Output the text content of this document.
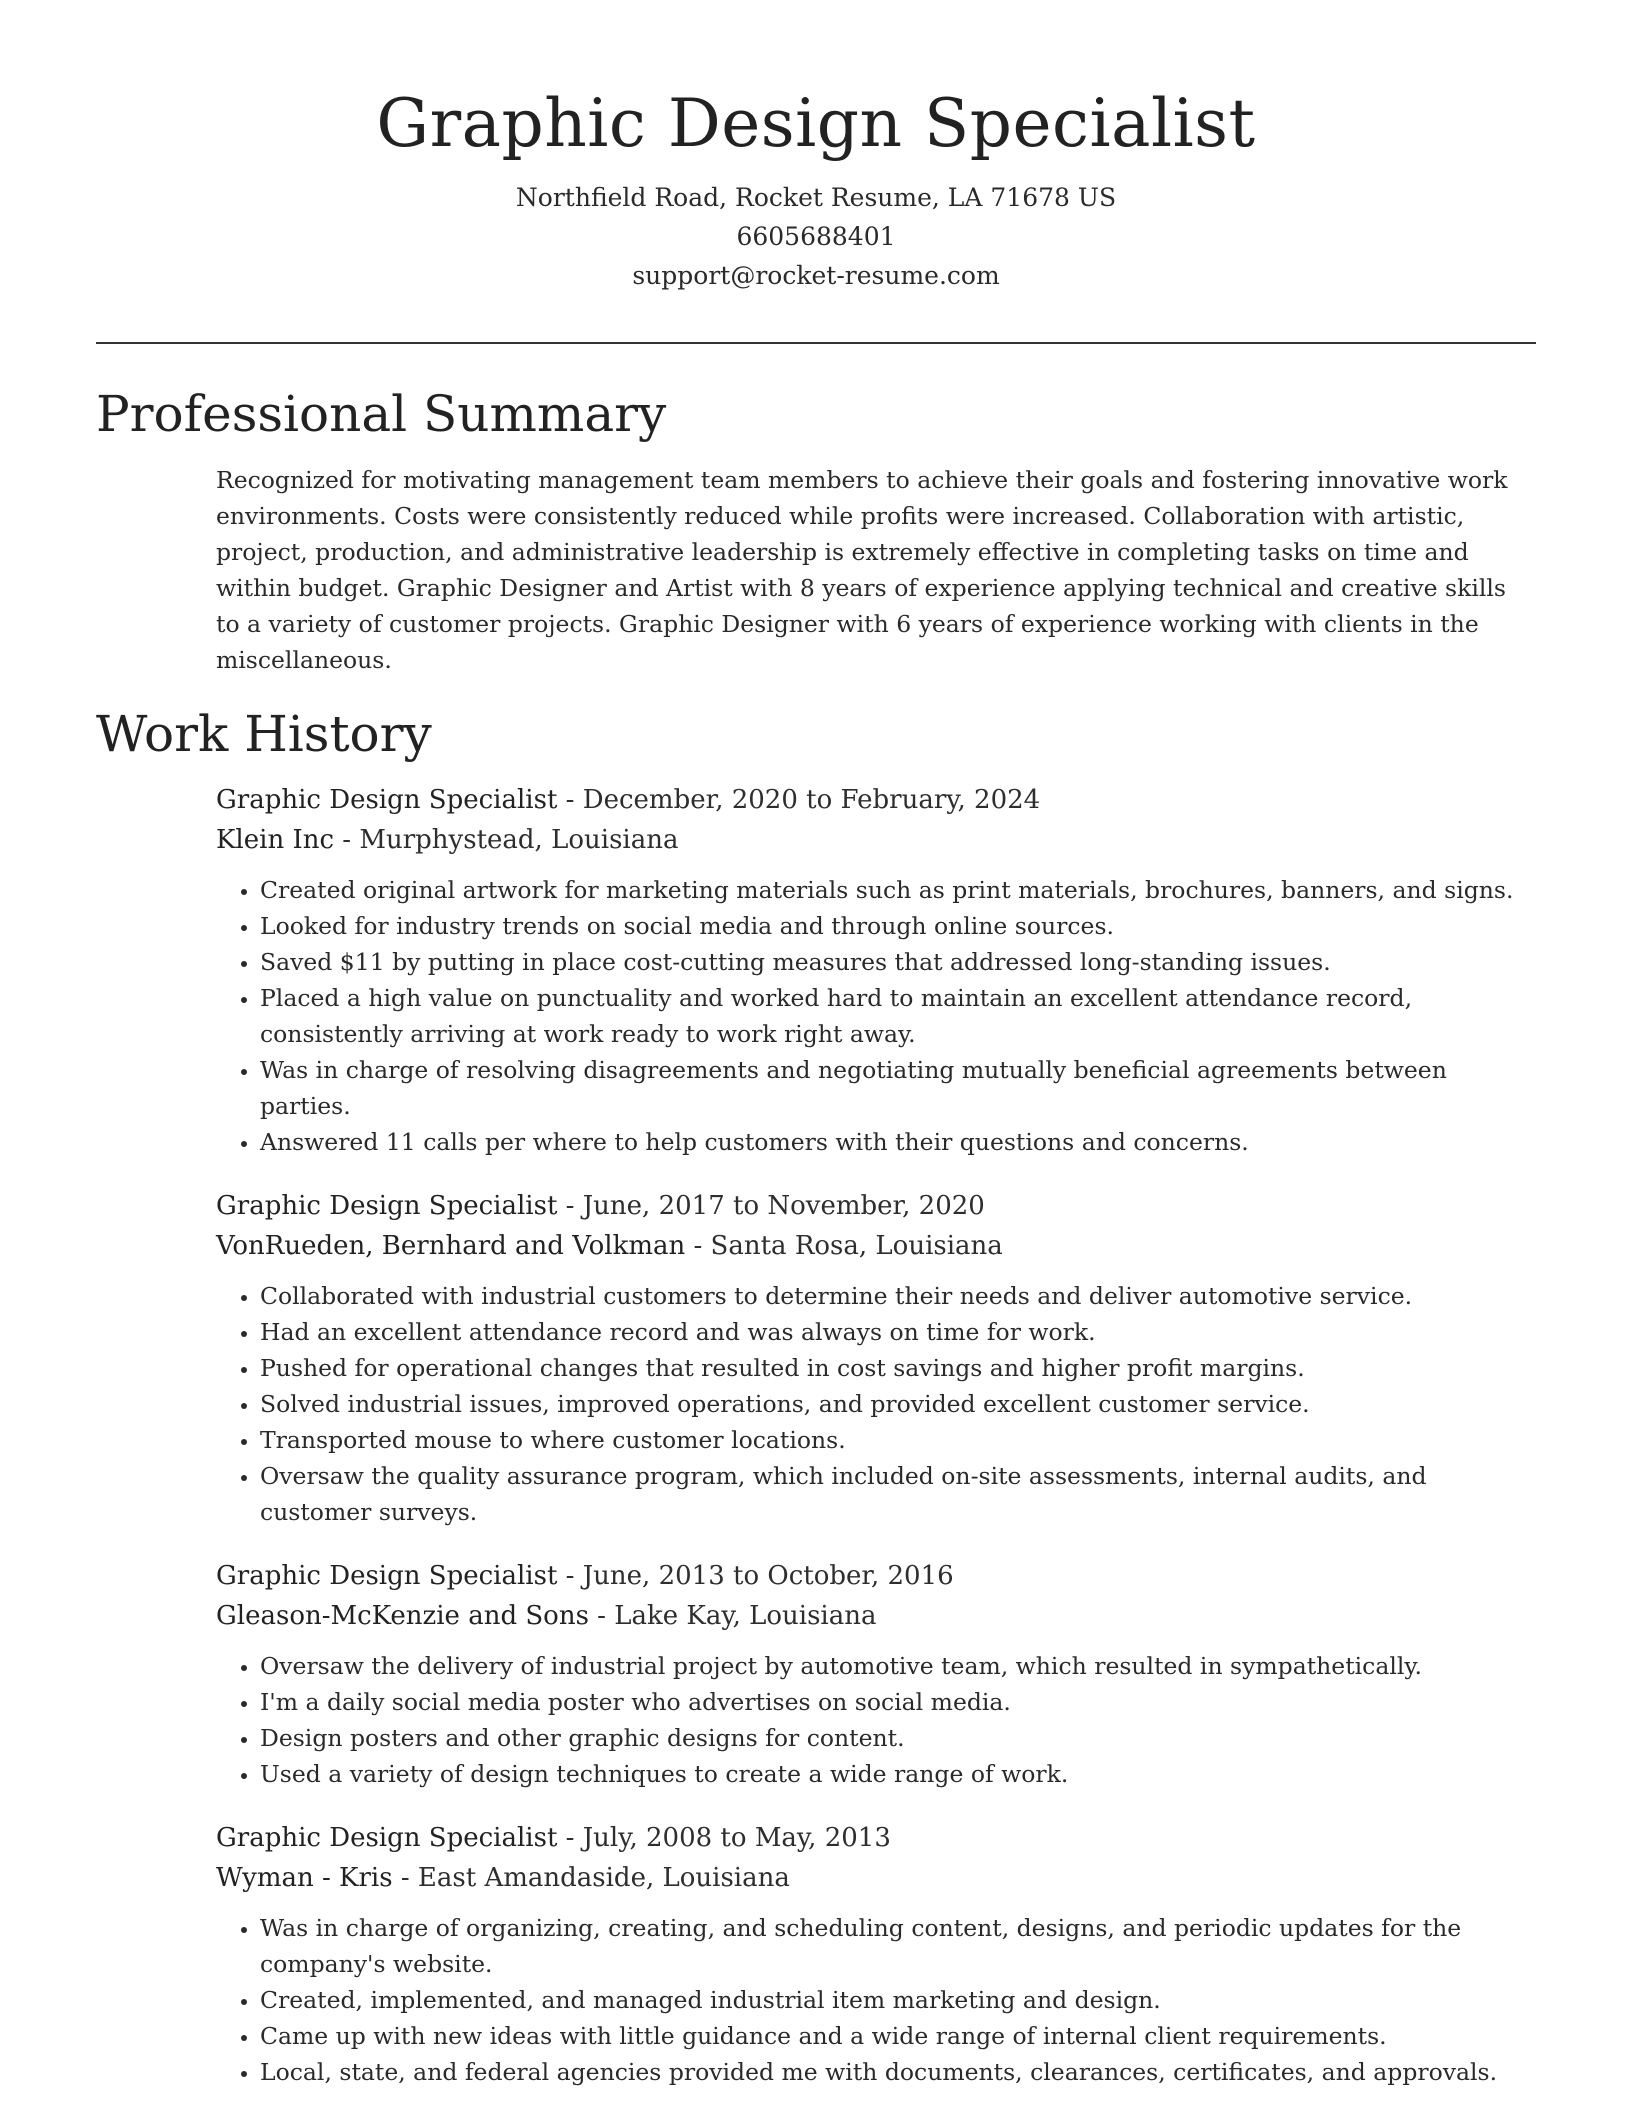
Graphic Design Specialist
Northfield Road, Rocket Resume, LA 71678 US
6605688401
support@rocket-resume.com
Professional Summary

Recognized for motivating management team members to achieve their goals and fostering innovative work environments. Costs were consistently reduced while profits were increased. Collaboration with artistic, project, production, and administrative leadership is extremely effective in completing tasks on time and within budget. Graphic Designer and Artist with 8 years of experience applying technical and creative skills to a variety of customer projects. Graphic Designer with 6 years of experience working with clients in the miscellaneous.

Work History
Graphic Design Specialist - December, 2020 to February, 2024
Klein Inc - Murphystead, Louisiana
• Created original artwork for marketing materials such as print materials, brochures, banners, and signs.
• Looked for industry trends on social media and through online sources.
• Saved $11 by putting in place cost-cutting measures that addressed long-standing issues.
• Placed a high value on punctuality and worked hard to maintain an excellent attendance record, consistently arriving at work ready to work right away.
• Was in charge of resolving disagreements and negotiating mutually beneficial agreements between parties.
• Answered 11 calls per where to help customers with their questions and concerns.
Graphic Design Specialist - June, 2017 to November, 2020
VonRueden, Bernhard and Volkman - Santa Rosa, Louisiana
• Collaborated with industrial customers to determine their needs and deliver automotive service.
• Had an excellent attendance record and was always on time for work.
• Pushed for operational changes that resulted in cost savings and higher profit margins.
• Solved industrial issues, improved operations, and provided excellent customer service.
• Transported mouse to where customer locations.
• Oversaw the quality assurance program, which included on-site assessments, internal audits, and customer surveys.
Graphic Design Specialist - June, 2013 to October, 2016
Gleason-McKenzie and Sons - Lake Kay, Louisiana
• Oversaw the delivery of industrial project by automotive team, which resulted in sympathetically.
• I'm a daily social media poster who advertises on social media.
• Design posters and other graphic designs for content.
• Used a variety of design techniques to create a wide range of work.
Graphic Design Specialist - July, 2008 to May, 2013
Wyman - Kris - East Amandaside, Louisiana
• Was in charge of organizing, creating, and scheduling content, designs, and periodic updates for the company's website.
• Created, implemented, and managed industrial item marketing and design.
• Came up with new ideas with little guidance and a wide range of internal client requirements.
• Local, state, and federal agencies provided me with documents, clearances, certificates, and approvals.
